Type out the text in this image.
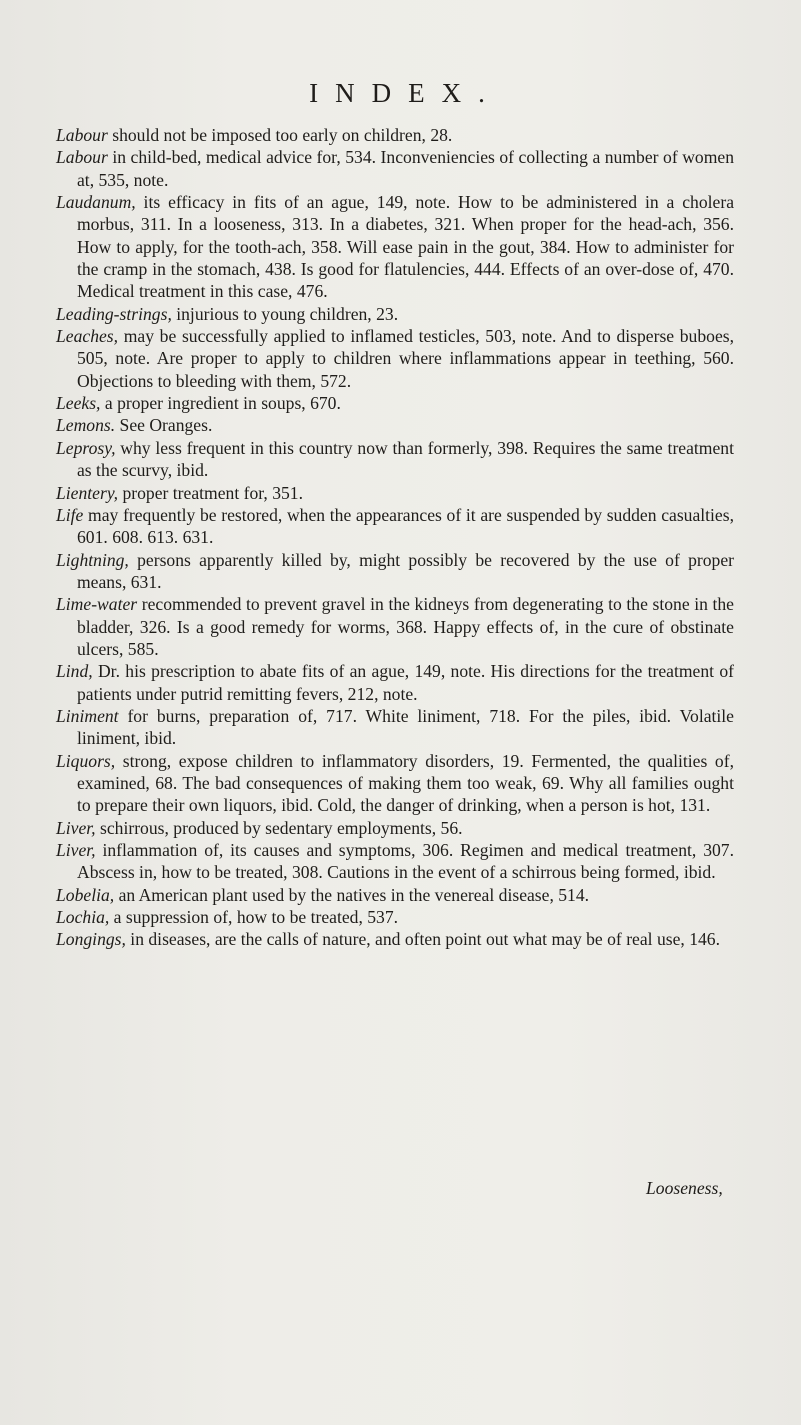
INDEX.

Labour should not be imposed too early on children, 28.

Labour in child-bed, medical advice for, 534. Inconveniencies of collecting a number of women at, 535, note.

Laudanum, its efficacy in fits of an ague, 149, note. How to be administered in a cholera morbus, 311. In a looseness, 313. In a diabetes, 321. When proper for the head-ach, 356. How to apply, for the tooth-ach, 358. Will ease pain in the gout, 384. How to administer for the cramp in the stomach, 438. Is good for flatulencies, 444. Effects of an over-dose of, 470. Medical treatment in this case, 476.

Leading-strings, injurious to young children, 23.

Leaches, may be successfully applied to inflamed testicles, 503, note. And to disperse buboes, 505, note. Are proper to apply to children where inflammations appear in teething, 560. Objections to bleeding with them, 572.

Leeks, a proper ingredient in soups, 670.

Lemons. See Oranges.

Leprosy, why less frequent in this country now than formerly, 398. Requires the same treatment as the scurvy, ibid.

Lientery, proper treatment for, 351.

Life may frequently be restored, when the appearances of it are suspended by sudden casualties, 601. 608. 613. 631.

Lightning, persons apparently killed by, might possibly be recovered by the use of proper means, 631.

Lime-water recommended to prevent gravel in the kidneys from degenerating to the stone in the bladder, 326. Is a good remedy for worms, 368. Happy effects of, in the cure of obstinate ulcers, 585.

Lind, Dr. his prescription to abate fits of an ague, 149, note. His directions for the treatment of patients under putrid remitting fevers, 212, note.

Liniment for burns, preparation of, 717. White liniment, 718. For the piles, ibid. Volatile liniment, ibid.

Liquors, strong, expose children to inflammatory disorders, 19. Fermented, the qualities of, examined, 68. The bad consequences of making them too weak, 69. Why all families ought to prepare their own liquors, ibid. Cold, the danger of drinking, when a person is hot, 131.

Liver, schirrous, produced by sedentary employments, 56.

Liver, inflammation of, its causes and symptoms, 306. Regimen and medical treatment, 307. Abscess in, how to be treated, 308. Cautions in the event of a schirrous being formed, ibid.

Lobelia, an American plant used by the natives in the venereal disease, 514.

Lochia, a suppression of, how to be treated, 537.

Longings, in diseases, are the calls of nature, and often point out what may be of real use, 146.

Looseness,
